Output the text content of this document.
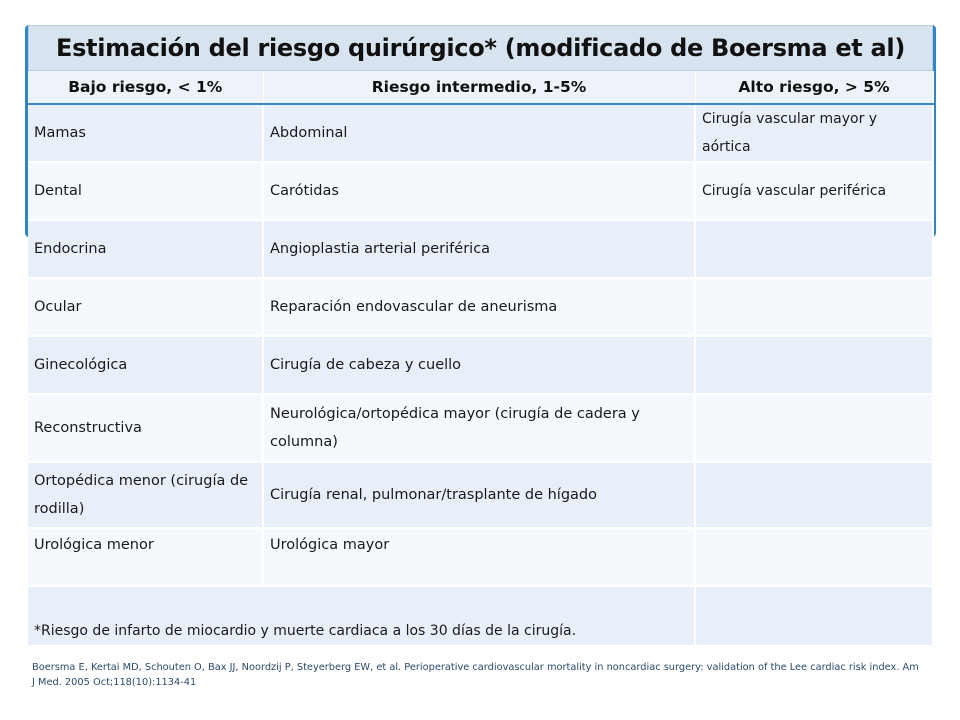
Estimación del riesgo quirúrgico* (modificado de Boersma et al)
Bajo riesgo, < 1%	Riesgo intermedio, 1-5%	Alto riesgo, > 5%
Mamas	Abdominal	Cirugía vascular mayor y aórtica
Dental	Carótidas	Cirugía vascular periférica
Endocrina	Angioplastia arterial periférica	
Ocular	Reparación endovascular de aneurisma	
Ginecológica	Cirugía de cabeza y cuello	
Reconstructiva	Neurológica/ortopédica mayor (cirugía de cadera y columna)	
Ortopédica menor (cirugía de rodilla)	Cirugía renal, pulmonar/trasplante de hígado	
Urológica menor	Urológica mayor	
*Riesgo de infarto de miocardio y muerte cardiaca a los 30 días de la cirugía.		
Boersma E, Kertai MD, Schouten O, Bax JJ, Noordzij P, Steyerberg EW, et al. Perioperative cardiovascular mortality in noncardiac surgery: validation of the Lee cardiac risk index. Am J Med. 2005 Oct;118(10):1134-41
